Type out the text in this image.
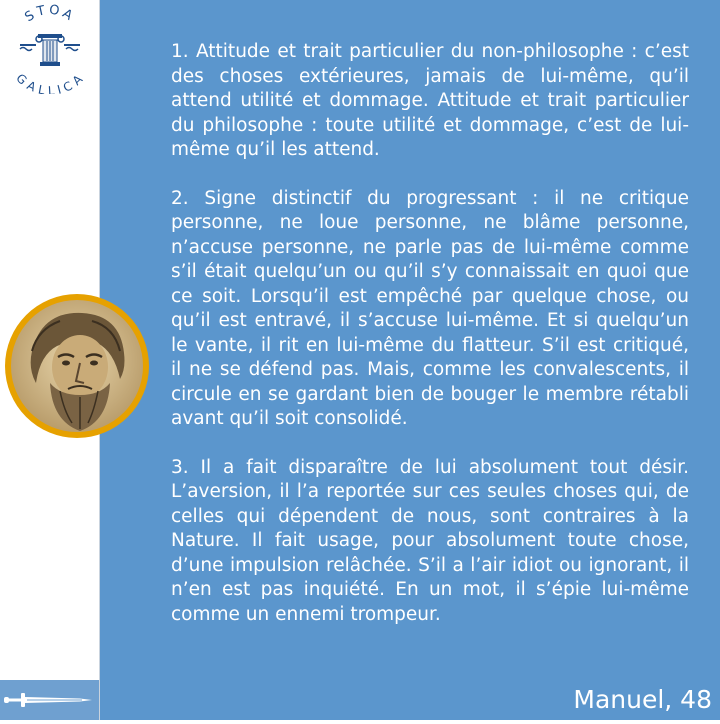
STOA
GALLICA

1. Attitude et trait particulier du non-philosophe : c’est des choses extérieures, jamais de lui-même, qu’il attend utilité et dommage. Attitude et trait particulier du philosophe : toute utilité et dommage, c’est de lui-même qu’il les attend.

2. Signe distinctif du progressant : il ne critique personne, ne loue personne, ne blâme personne, n’accuse personne, ne parle pas de lui-même comme s’il était quelqu’un ou qu’il s’y connaissait en quoi que ce soit. Lorsqu’il est empêché par quelque chose, ou qu’il est entravé, il s’accuse lui-même. Et si quelqu’un le vante, il rit en lui-même du flatteur. S’il est critiqué, il ne se défend pas. Mais, comme les convalescents, il circule en se gardant bien de bouger le membre rétabli avant qu’il soit consolidé.

3. Il a fait disparaître de lui absolument tout désir. L’aversion, il l’a reportée sur ces seules choses qui, de celles qui dépendent de nous, sont contraires à la Nature. Il fait usage, pour absolument toute chose, d’une impulsion relâchée. S’il a l’air idiot ou ignorant, il n’en est pas inquiété. En un mot, il s’épie lui-même comme un ennemi trompeur.

Manuel, 48
